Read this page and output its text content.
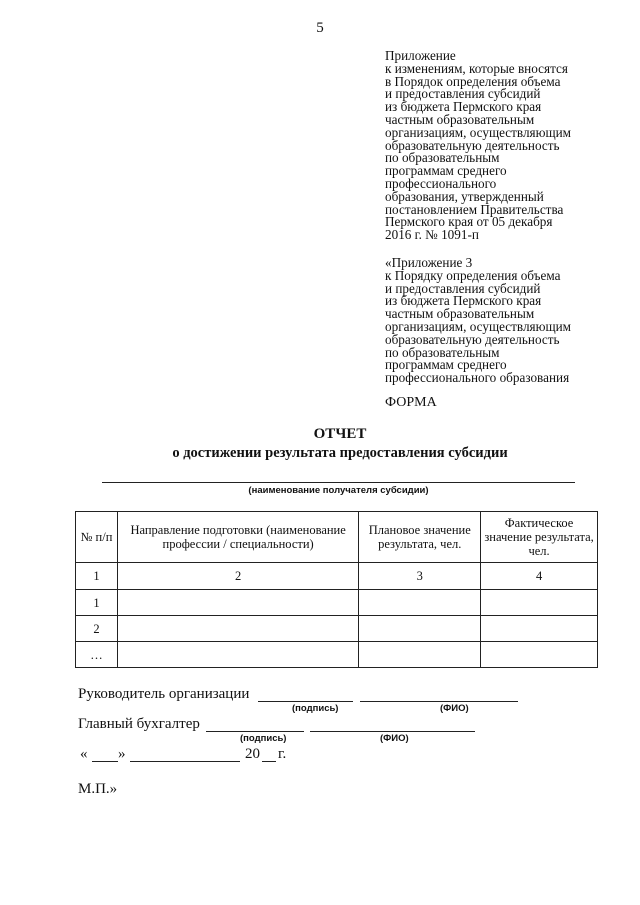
5
Приложение
к изменениям, которые вносятся
в Порядок определения объема
и предоставления субсидий
из бюджета Пермского края
частным образовательным
организациям, осуществляющим
образовательную деятельность
по образовательным
программам среднего
профессионального
образования, утвержденный
постановлением Правительства
Пермского края от 05 декабря
2016 г. № 1091-п
«Приложение 3
к Порядку определения объема
и предоставления субсидий
из бюджета Пермского края
частным образовательным
организациям, осуществляющим
образовательную деятельность
по образовательным
программам среднего
профессионального образования
ФОРМА
ОТЧЕТ
о достижении результата предоставления субсидии
(наименование получателя субсидии)
№ п/п	Направление подготовки (наименование профессии / специальности)	Плановое значение результата, чел.	Фактическое значение результата, чел.
1	2	3	4
1			
2			
…			
Руководитель организации
(подпись)	(ФИО)
Главный бухгалтер
(подпись)	(ФИО)
« »	20 г.
М.П.»
